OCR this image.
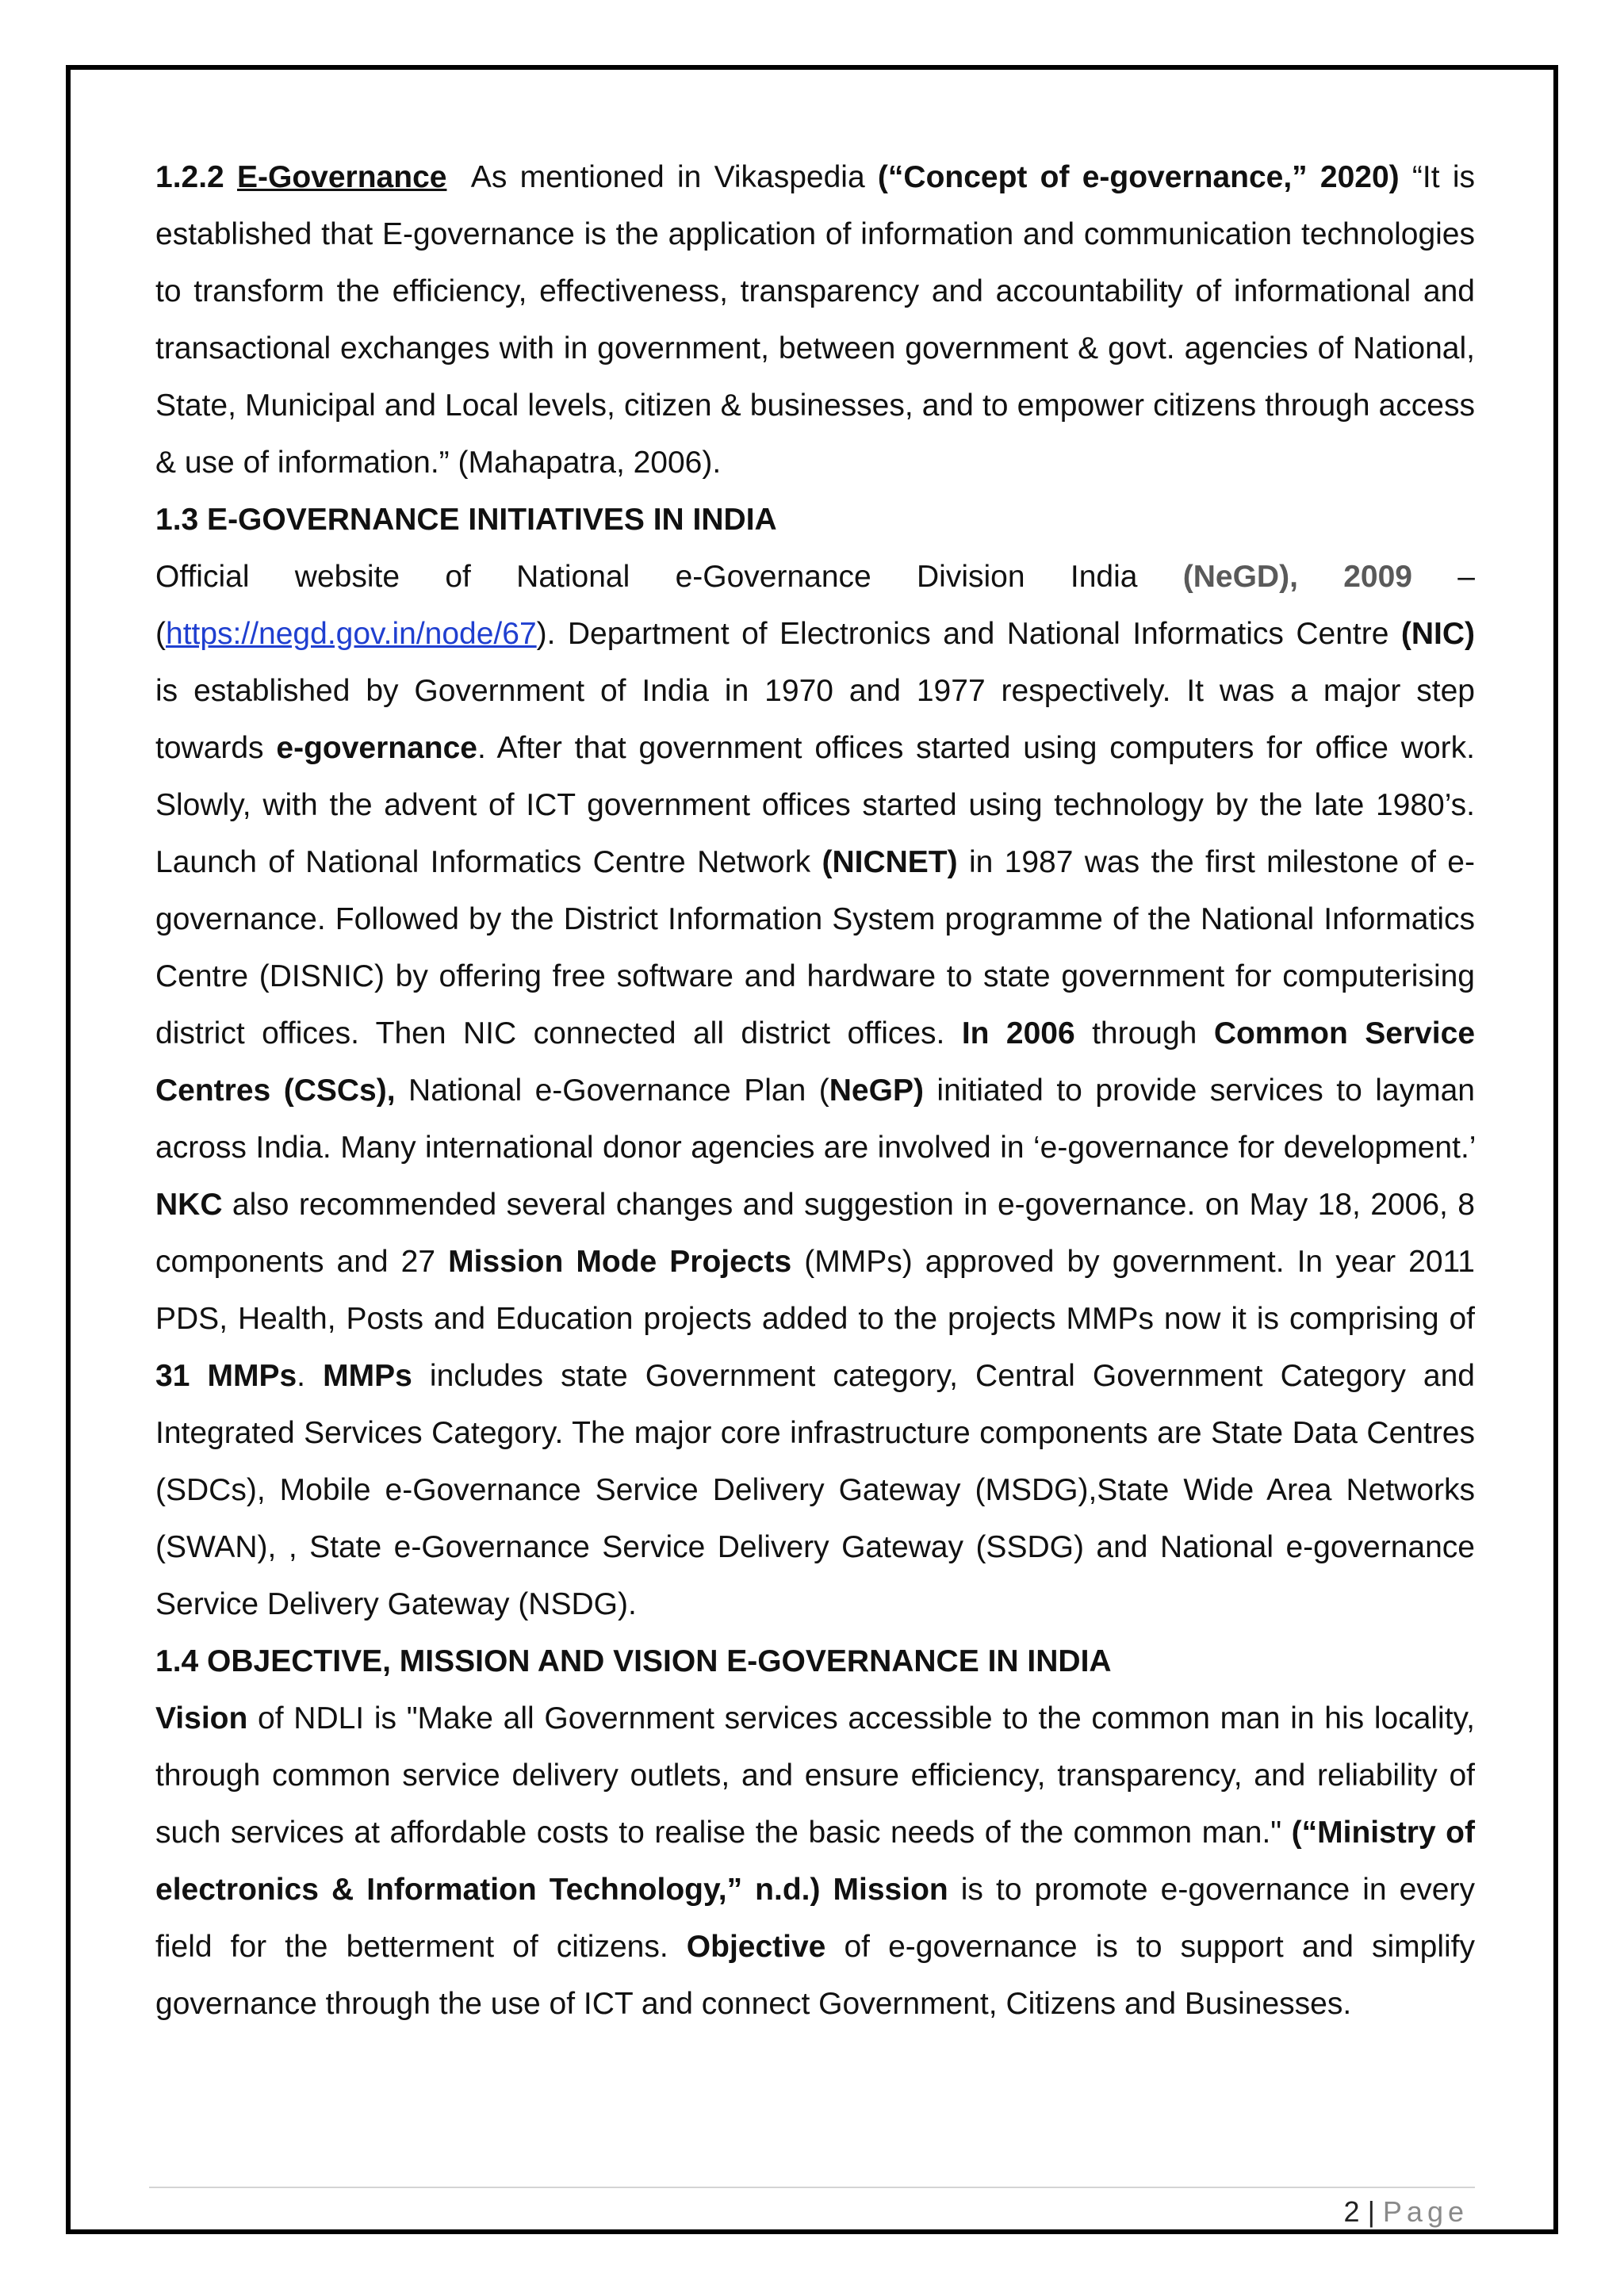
1.2.2 E-Governance  As mentioned in Vikaspedia (“Concept of e-governance,” 2020) “It is established that E-governance is the application of information and communication technologies to transform the efficiency, effectiveness, transparency and accountability of informational and transactional exchanges with in government, between government & govt. agencies of National, State, Municipal and Local levels, citizen & businesses, and to empower citizens through access & use of information.” (Mahapatra, 2006).

1.3 E-GOVERNANCE INITIATIVES IN INDIA

Official website of National e-Governance Division India (NeGD), 2009 – (https://negd.gov.in/node/67). Department of Electronics and National Informatics Centre (NIC) is established by Government of India in 1970 and 1977 respectively. It was a major step towards e-governance. After that government offices started using computers for office work. Slowly, with the advent of ICT government offices started using technology by the late 1980’s. Launch of National Informatics Centre Network (NICNET) in 1987 was the first milestone of e-governance. Followed by the District Information System programme of the National Informatics Centre (DISNIC) by offering free software and hardware to state government for computerising district offices. Then NIC connected all district offices. In 2006 through Common Service Centres (CSCs), National e-Governance Plan (NeGP) initiated to provide services to layman across India. Many international donor agencies are involved in ‘e-governance for development.’ NKC also recommended several changes and suggestion in e-governance. on May 18, 2006, 8 components and 27 Mission Mode Projects (MMPs) approved by government. In year 2011 PDS, Health, Posts and Education projects added to the projects MMPs now it is comprising of 31 MMPs. MMPs includes state Government category, Central Government Category and Integrated Services Category. The major core infrastructure components are State Data Centres (SDCs), Mobile e-Governance Service Delivery Gateway (MSDG),State Wide Area Networks (SWAN), , State e-Governance Service Delivery Gateway (SSDG) and National e-governance Service Delivery Gateway (NSDG).

1.4 OBJECTIVE, MISSION AND VISION E-GOVERNANCE IN INDIA

Vision of NDLI is "Make all Government services accessible to the common man in his locality, through common service delivery outlets, and ensure efficiency, transparency, and reliability of such services at affordable costs to realise the basic needs of the common man." (“Ministry of electronics & Information Technology,” n.d.) Mission is to promote e-governance in every field for the betterment of citizens. Objective of e-governance is to support and simplify governance through the use of ICT and connect Government, Citizens and Businesses.

2 | Page
